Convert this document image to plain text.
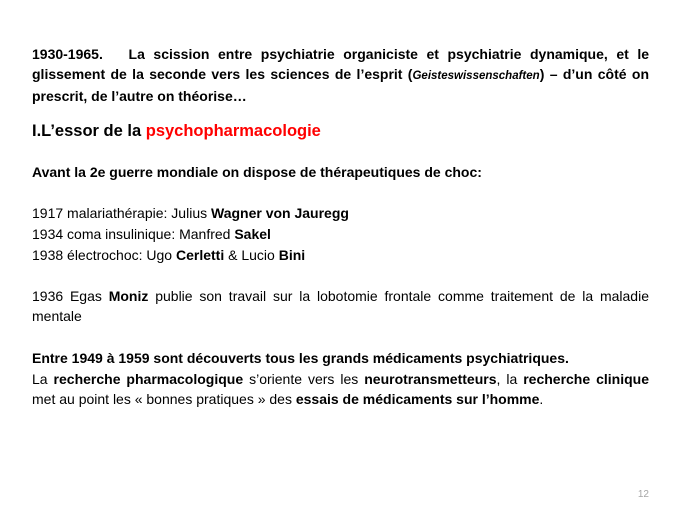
1930-1965. La scission entre psychiatrie organiciste et psychiatrie dynamique, et le glissement de la seconde vers les sciences de l’esprit (Geisteswissenschaften) – d’un côté on prescrit, de l’autre on théorise…

I.L’essor de la psychopharmacologie

Avant la 2e guerre mondiale on dispose de thérapeutiques de choc:

1917 malariathérapie: Julius Wagner von Jauregg

1934 coma insulinique: Manfred Sakel

1938 électrochoc: Ugo Cerletti & Lucio Bini

1936 Egas Moniz publie son travail sur la lobotomie frontale comme traitement de la maladie mentale

Entre 1949 à 1959 sont découverts tous les grands médicaments psychiatriques.

La recherche pharmacologique s’oriente vers les neurotransmetteurs, la recherche clinique met au point les « bonnes pratiques » des essais de médicaments sur l’homme.

12
